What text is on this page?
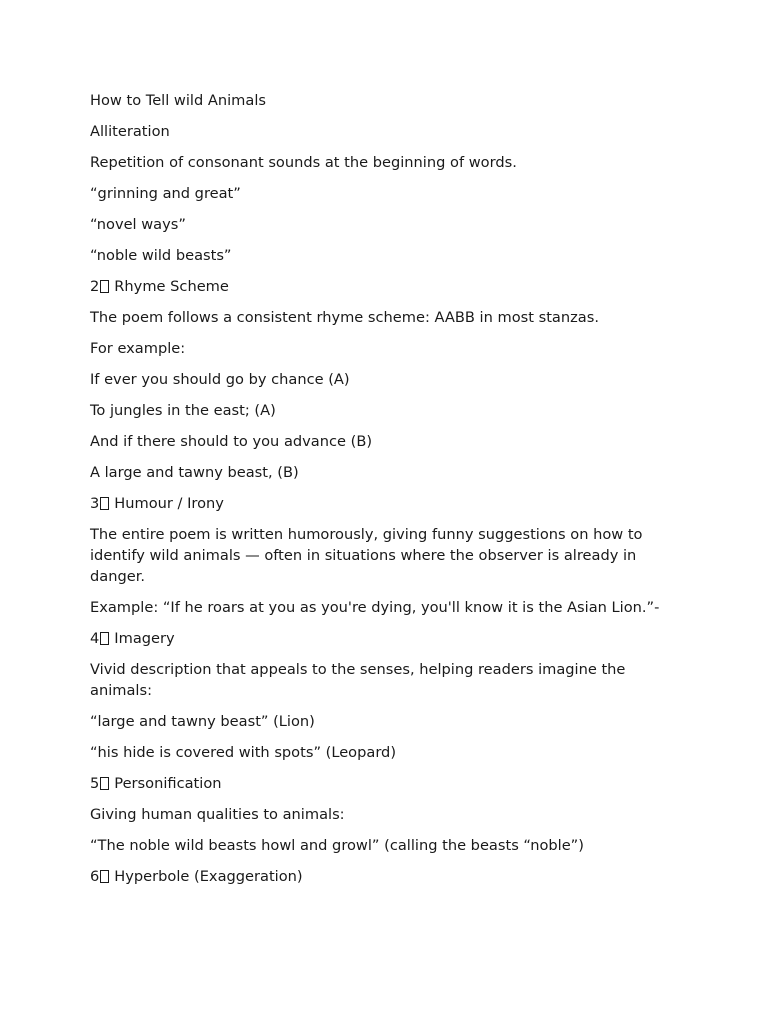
How to Tell wild Animals

Alliteration

Repetition of consonant sounds at the beginning of words.

“grinning and great”

“novel ways”

“noble wild beasts”

2 Rhyme Scheme

The poem follows a consistent rhyme scheme: AABB in most stanzas.

For example:

If ever you should go by chance (A)

To jungles in the east; (A)

And if there should to you advance (B)

A large and tawny beast, (B)

3 Humour / Irony

The entire poem is written humorously, giving funny suggestions on how to identify wild animals — often in situations where the observer is already in danger.

Example: “If he roars at you as you're dying, you'll know it is the Asian Lion.”-

4 Imagery

Vivid description that appeals to the senses, helping readers imagine the animals:

“large and tawny beast” (Lion)

“his hide is covered with spots” (Leopard)

5 Personification

Giving human qualities to animals:

“The noble wild beasts howl and growl” (calling the beasts “noble”)

6 Hyperbole (Exaggeration)
